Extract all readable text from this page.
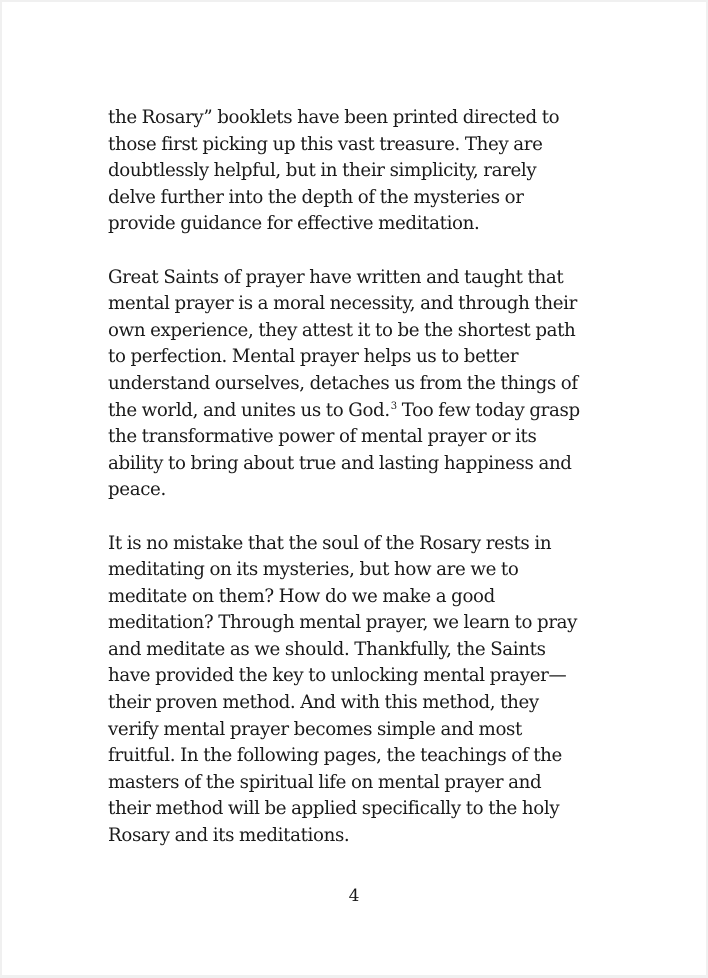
the Rosary” booklets have been printed directed to
those first picking up this vast treasure. They are
doubtlessly helpful, but in their simplicity, rarely
delve further into the depth of the mysteries or
provide guidance for effective meditation.

Great Saints of prayer have written and taught that
mental prayer is a moral necessity, and through their
own experience, they attest it to be the shortest path
to perfection. Mental prayer helps us to better
understand ourselves, detaches us from the things of
the world, and unites us to God.$^3$ Too few today grasp
the transformative power of mental prayer or its
ability to bring about true and lasting happiness and
peace.

It is no mistake that the soul of the Rosary rests in
meditating on its mysteries, but how are we to
meditate on them? How do we make a good
meditation? Through mental prayer, we learn to pray
and meditate as we should. Thankfully, the Saints
have provided the key to unlocking mental prayer—
their proven method. And with this method, they
verify mental prayer becomes simple and most
fruitful. In the following pages, the teachings of the
masters of the spiritual life on mental prayer and
their method will be applied specifically to the holy
Rosary and its meditations.

4
